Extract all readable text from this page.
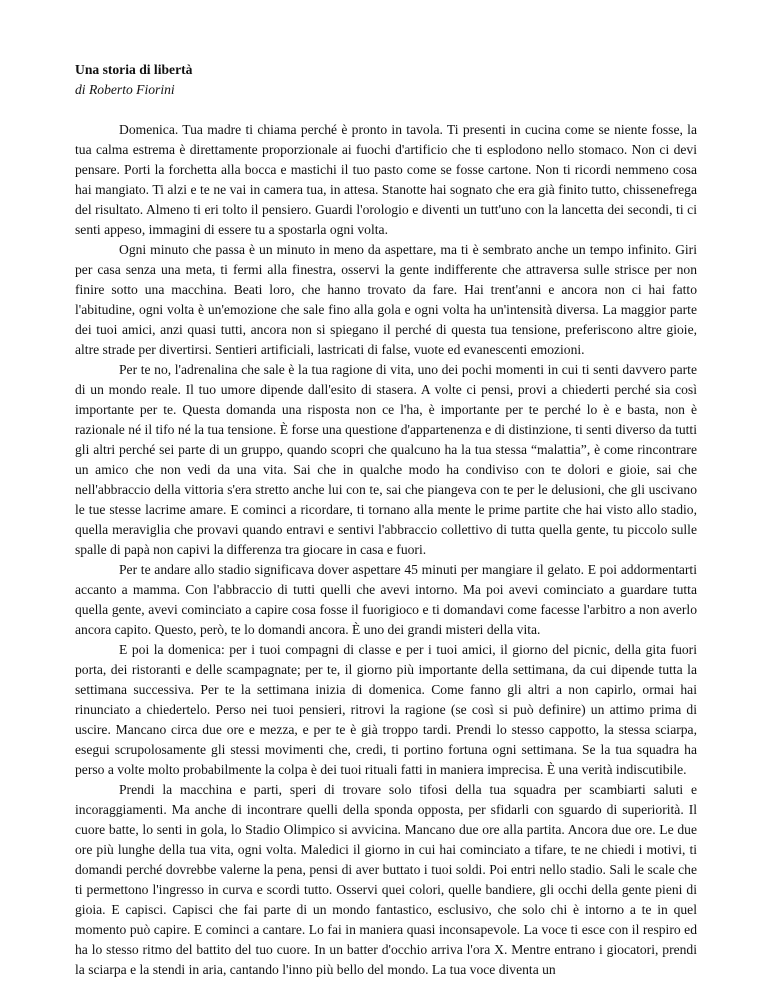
Una storia di libertà

di Roberto Fiorini

Domenica. Tua madre ti chiama perché è pronto in tavola. Ti presenti in cucina come se niente fosse, la tua calma estrema è direttamente proporzionale ai fuochi d'artificio che ti esplodono nello stomaco. Non ci devi pensare. Porti la forchetta alla bocca e mastichi il tuo pasto come se fosse cartone. Non ti ricordi nemmeno cosa hai mangiato. Ti alzi e te ne vai in camera tua, in attesa. Stanotte hai sognato che era già finito tutto, chissenefrega del risultato. Almeno ti eri tolto il pensiero. Guardi l'orologio e diventi un tutt'uno con la lancetta dei secondi, ti ci senti appeso, immagini di essere tu a spostarla ogni volta.

Ogni minuto che passa è un minuto in meno da aspettare, ma ti è sembrato anche un tempo infinito. Giri per casa senza una meta, ti fermi alla finestra, osservi la gente indifferente che attraversa sulle strisce per non finire sotto una macchina. Beati loro, che hanno trovato da fare. Hai trent'anni e ancora non ci hai fatto l'abitudine, ogni volta è un'emozione che sale fino alla gola e ogni volta ha un'intensità diversa. La maggior parte dei tuoi amici, anzi quasi tutti, ancora non si spiegano il perché di questa tua tensione, preferiscono altre gioie, altre strade per divertirsi. Sentieri artificiali, lastricati di false, vuote ed evanescenti emozioni.

Per te no, l'adrenalina che sale è la tua ragione di vita, uno dei pochi momenti in cui ti senti davvero parte di un mondo reale. Il tuo umore dipende dall'esito di stasera. A volte ci pensi, provi a chiederti perché sia così importante per te. Questa domanda una risposta non ce l'ha, è importante per te perché lo è e basta, non è razionale né il tifo né la tua tensione. È forse una questione d'appartenenza e di distinzione, ti senti diverso da tutti gli altri perché sei parte di un gruppo, quando scopri che qualcuno ha la tua stessa “malattia”, è come rincontrare un amico che non vedi da una vita. Sai che in qualche modo ha condiviso con te dolori e gioie, sai che nell'abbraccio della vittoria s'era stretto anche lui con te, sai che piangeva con te per le delusioni, che gli uscivano le tue stesse lacrime amare. E cominci a ricordare, ti tornano alla mente le prime partite che hai visto allo stadio, quella meraviglia che provavi quando entravi e sentivi l'abbraccio collettivo di tutta quella gente, tu piccolo sulle spalle di papà non capivi la differenza tra giocare in casa e fuori.

Per te andare allo stadio significava dover aspettare 45 minuti per mangiare il gelato. E poi addormentarti accanto a mamma. Con l'abbraccio di tutti quelli che avevi intorno. Ma poi avevi cominciato a guardare tutta quella gente, avevi cominciato a capire cosa fosse il fuorigioco e ti domandavi come facesse l'arbitro a non averlo ancora capito. Questo, però, te lo domandi ancora. È uno dei grandi misteri della vita.

E poi la domenica: per i tuoi compagni di classe e per i tuoi amici, il giorno del picnic, della gita fuori porta, dei ristoranti e delle scampagnate; per te, il giorno più importante della settimana, da cui dipende tutta la settimana successiva. Per te la settimana inizia di domenica. Come fanno gli altri a non capirlo, ormai hai rinunciato a chiedertelo. Perso nei tuoi pensieri, ritrovi la ragione (se così si può definire) un attimo prima di uscire. Mancano circa due ore e mezza, e per te è già troppo tardi. Prendi lo stesso cappotto, la stessa sciarpa, esegui scrupolosamente gli stessi movimenti che, credi, ti portino fortuna ogni settimana. Se la tua squadra ha perso a volte molto probabilmente la colpa è dei tuoi rituali fatti in maniera imprecisa. È una verità indiscutibile.

Prendi la macchina e parti, speri di trovare solo tifosi della tua squadra per scambiarti saluti e incoraggiamenti. Ma anche di incontrare quelli della sponda opposta, per sfidarli con sguardo di superiorità. Il cuore batte, lo senti in gola, lo Stadio Olimpico si avvicina. Mancano due ore alla partita. Ancora due ore. Le due ore più lunghe della tua vita, ogni volta. Maledici il giorno in cui hai cominciato a tifare, te ne chiedi i motivi, ti domandi perché dovrebbe valerne la pena, pensi di aver buttato i tuoi soldi. Poi entri nello stadio. Sali le scale che ti permettono l'ingresso in curva e scordi tutto. Osservi quei colori, quelle bandiere, gli occhi della gente pieni di gioia. E capisci. Capisci che fai parte di un mondo fantastico, esclusivo, che solo chi è intorno a te in quel momento può capire. E cominci a cantare. Lo fai in maniera quasi inconsapevole. La voce ti esce con il respiro ed ha lo stesso ritmo del battito del tuo cuore. In un batter d'occhio arriva l'ora X. Mentre entrano i giocatori, prendi la sciarpa e la stendi in aria, cantando l'inno più bello del mondo. La tua voce diventa un
